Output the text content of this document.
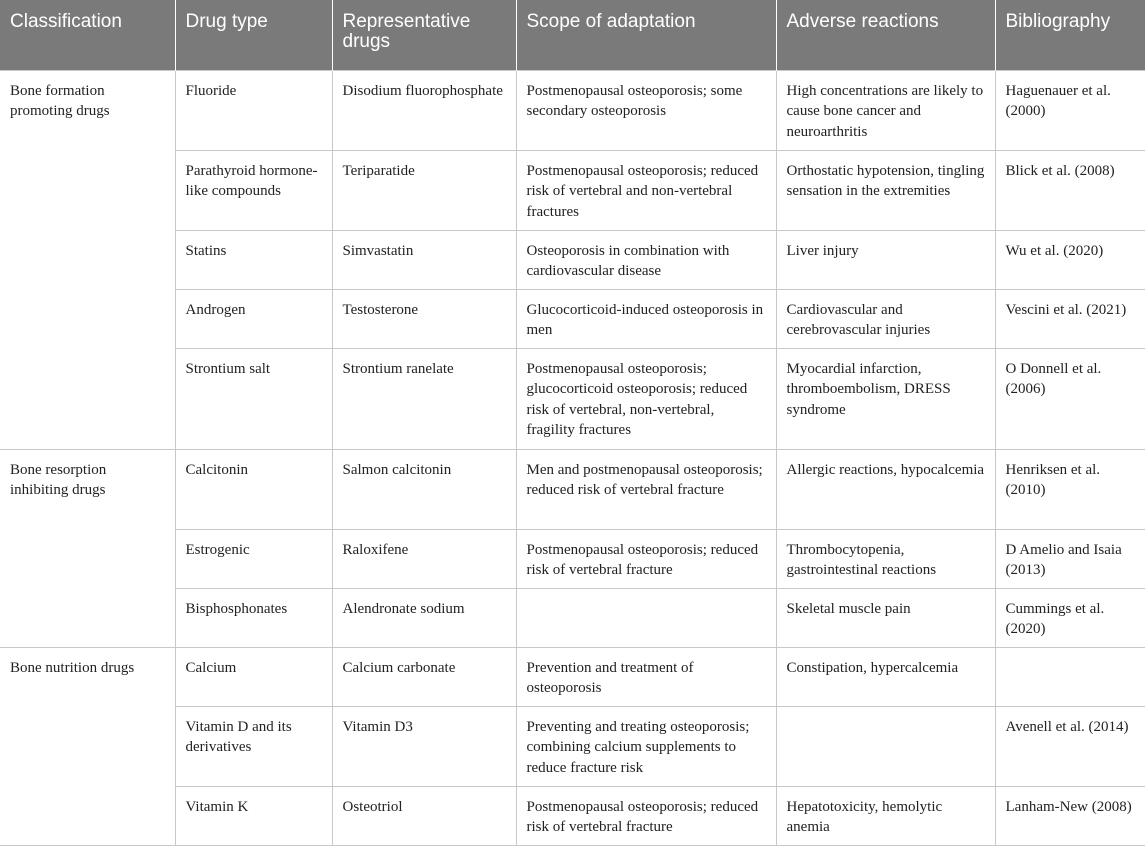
Classification	Drug type	Representative drugs	Scope of adaptation	Adverse reactions	Bibliography
Bone formation promoting drugs	Fluoride	Disodium fluorophosphate	Postmenopausal osteoporosis; some secondary osteoporosis	High concentrations are likely to cause bone cancer and neuroarthritis	Haguenauer et al. (2000)
	Parathyroid hormone-like compounds	Teriparatide	Postmenopausal osteoporosis; reduced risk of vertebral and non-vertebral fractures	Orthostatic hypotension, tingling sensation in the extremities	Blick et al. (2008)
	Statins	Simvastatin	Osteoporosis in combination with cardiovascular disease	Liver injury	Wu et al. (2020)
	Androgen	Testosterone	Glucocorticoid-induced osteoporosis in men	Cardiovascular and cerebrovascular injuries	Vescini et al. (2021)
	Strontium salt	Strontium ranelate	Postmenopausal osteoporosis; glucocorticoid osteoporosis; reduced risk of vertebral, non-vertebral, fragility fractures	Myocardial infarction, thromboembolism, DRESS syndrome	O Donnell et al. (2006)
Bone resorption inhibiting drugs	Calcitonin	Salmon calcitonin	Men and postmenopausal osteoporosis; reduced risk of vertebral fracture	Allergic reactions, hypocalcemia	Henriksen et al. (2010)
	Estrogenic	Raloxifene	Postmenopausal osteoporosis; reduced risk of vertebral fracture	Thrombocytopenia, gastrointestinal reactions	D Amelio and Isaia (2013)
	Bisphosphonates	Alendronate sodium		Skeletal muscle pain	Cummings et al. (2020)
Bone nutrition drugs	Calcium	Calcium carbonate	Prevention and treatment of osteoporosis	Constipation, hypercalcemia	
	Vitamin D and its derivatives	Vitamin D3	Preventing and treating osteoporosis; combining calcium supplements to reduce fracture risk		Avenell et al. (2014)
	Vitamin K	Osteotriol	Postmenopausal osteoporosis; reduced risk of vertebral fracture	Hepatotoxicity, hemolytic anemia	Lanham-New (2008)
